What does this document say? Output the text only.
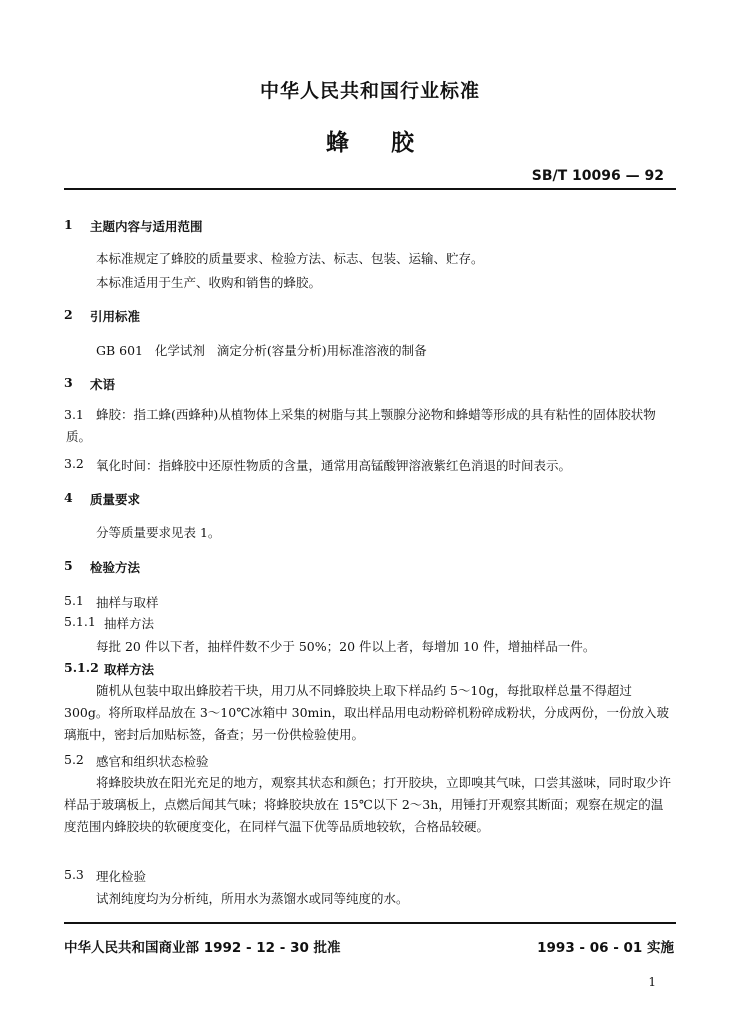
中华人民共和国行业标准
蜂胶
SB/T 10096 — 92
1 主题内容与适用范围
本标准规定了蜂胶的质量要求、检验方法、标志、包装、运输、贮存。
本标准适用于生产、收购和销售的蜂胶。
2 引用标准
GB 601   化学试剂   滴定分析(容量分析)用标准溶液的制备
3 术语
3.1 蜂胶：指工蜂(西蜂种)从植物体上采集的树脂与其上颚腺分泌物和蜂蜡等形成的具有粘性的固体胶状物质。
3.2 氧化时间：指蜂胶中还原性物质的含量，通常用高锰酸钾溶液紫红色消退的时间表示。
4 质量要求
分等质量要求见表 1。
5 检验方法
5.1 抽样与取样
5.1.1 抽样方法
每批 20 件以下者，抽样件数不少于 50%；20 件以上者，每增加 10 件，增抽样品一件。
5.1.2 取样方法
随机从包装中取出蜂胶若干块，用刀从不同蜂胶块上取下样品约 5～10g，每批取样总量不得超过 300g。将所取样品放在 3～10℃冰箱中 30min，取出样品用电动粉碎机粉碎成粉状，分成两份，一份放入玻璃瓶中，密封后加贴标签，备查；另一份供检验使用。
5.2 感官和组织状态检验
将蜂胶块放在阳光充足的地方，观察其状态和颜色；打开胶块，立即嗅其气味，口尝其滋味，同时取少许样品于玻璃板上，点燃后闻其气味；将蜂胶块放在 15℃以下 2～3h，用锤打开观察其断面；观察在规定的温度范围内蜂胶块的软硬度变化，在同样气温下优等品质地较软，合格品较硬。
5.3 理化检验
试剂纯度均为分析纯，所用水为蒸馏水或同等纯度的水。
中华人民共和国商业部 1992 - 12 - 30 批准	1993 - 06 - 01 实施
1
